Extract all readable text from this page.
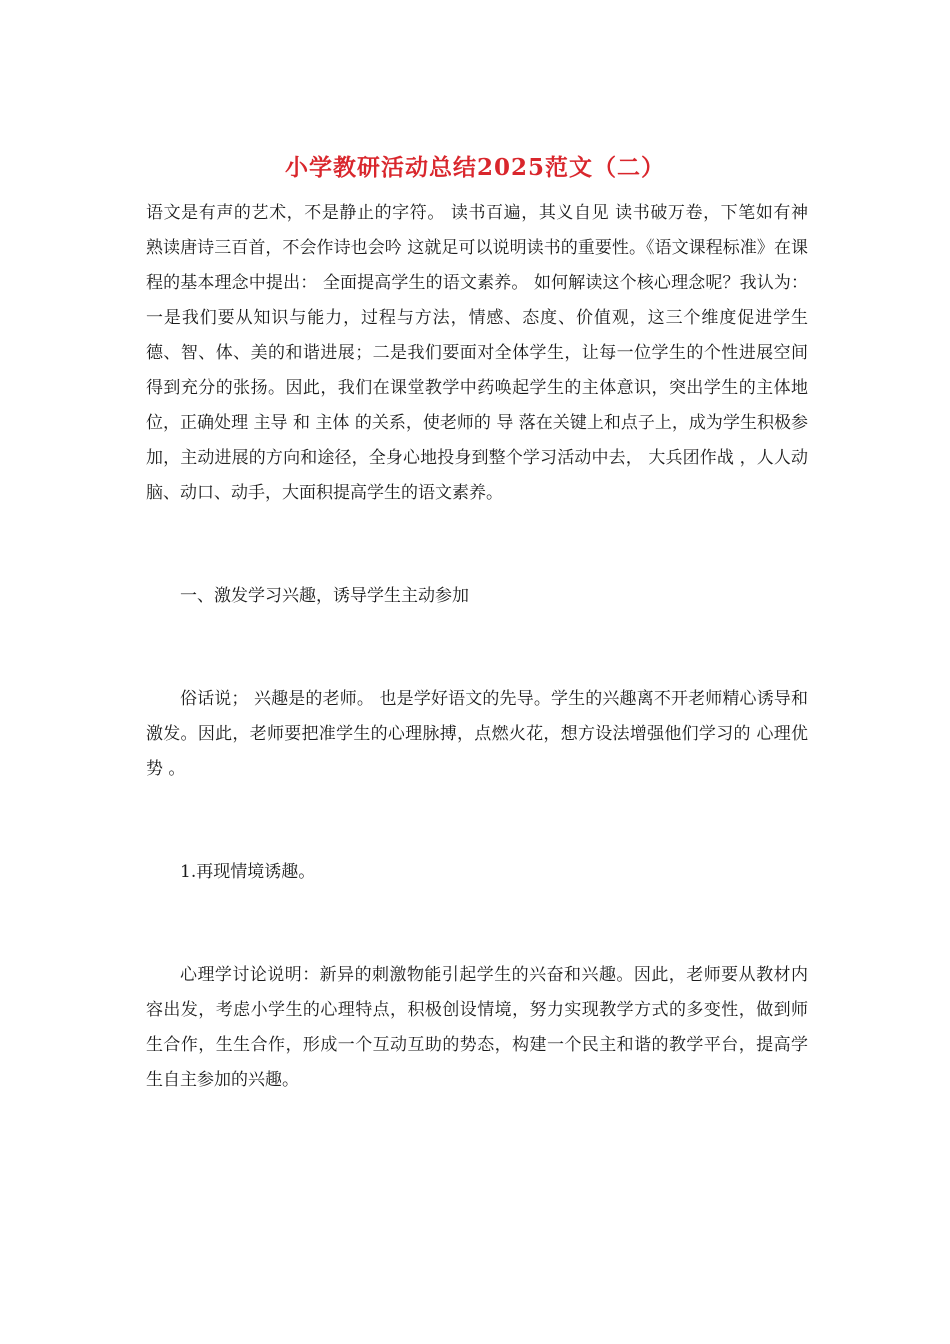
小学教研活动总结2025范文（二）

语文是有声的艺术，不是静止的字符。 读书百遍，其义自见 读书破万卷，下笔如有神 熟读唐诗三百首，不会作诗也会吟 这就足可以说明读书的重要性。《语文课程标准》在课程的基本理念中提出： 全面提高学生的语文素养。 如何解读这个核心理念呢？我认为：一是我们要从知识与能力，过程与方法，情感、态度、价值观，这三个维度促进学生德、智、体、美的和谐进展；二是我们要面对全体学生，让每一位学生的个性进展空间得到充分的张扬。因此，我们在课堂教学中药唤起学生的主体意识，突出学生的主体地位，正确处理 主导 和 主体 的关系，使老师的 导 落在关键上和点子上，成为学生积极参加，主动进展的方向和途径，全身心地投身到整个学习活动中去， 大兵团作战 ，人人动脑、动口、动手，大面积提高学生的语文素养。

一、激发学习兴趣，诱导学生主动参加

俗话说； 兴趣是的老师。 也是学好语文的先导。学生的兴趣离不开老师精心诱导和激发。因此，老师要把准学生的心理脉搏，点燃火花，想方设法增强他们学习的 心理优势 。

1.再现情境诱趣。

心理学讨论说明：新异的刺激物能引起学生的兴奋和兴趣。因此，老师要从教材内容出发，考虑小学生的心理特点，积极创设情境，努力实现教学方式的多变性，做到师生合作，生生合作，形成一个互动互助的势态，构建一个民主和谐的教学平台，提高学生自主参加的兴趣。
